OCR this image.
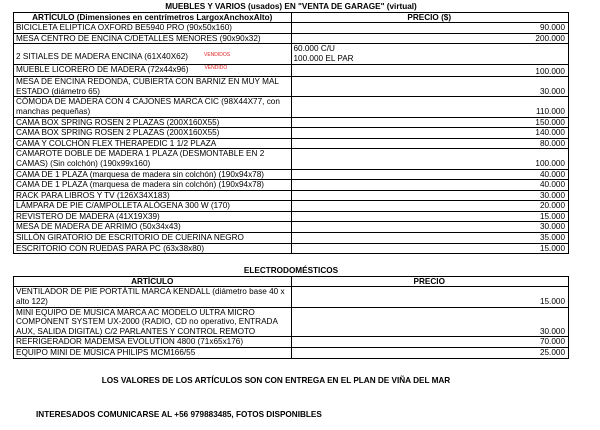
MUEBLES Y VARIOS (usados) EN "VENTA DE GARAGE" (virtual)	
ARTÍCULO (Dimensiones en centrímetros LargoxAnchoxAlto)	PRECIO ($)
BICICLETA ELIPTICA OXFORD BE5940 PRO (90x50x160)	90.000
MESA CENTRO DE ENCINA C/DETALLES MENORES (90x90x32)	200.000
2 SITIALES DE MADERA ENCINA (61X40X62) $^{VENDIDOS}$	60.000 C/U
100.000 EL PAR
MUEBLE LICORERO DE MADERA (72x44x96) $^{VENDIDO}$	100.000
MESA DE ENCINA REDONDA, CUBIERTA CON BARNIZ EN MUY MAL ESTADO (diámetro 65)	30.000
CÓMODA DE MADERA CON 4 CAJONES MARCA CIC (98X44X77, con manchas pequeñas)	110.000
CAMA BOX SPRING ROSEN 2 PLAZAS (200X160X55)	150.000
CAMA BOX SPRING ROSEN 2 PLAZAS (200X160X55)	140.000
CAMA Y COLCHÓN FLEX THERAPEDIC 1 1/2 PLAZA	80.000
CAMAROTE DOBLE DE MADERA 1 PLAZA (DESMONTABLE EN 2 CAMAS) (Sin colchón) (190x99x160)	100.000
CAMA DE 1 PLAZA (marquesa de madera sin colchón) (190x94x78)	40.000
CAMA DE 1 PLAZA (marquesa de madera sin colchón) (190x94x78)	40.000
RACK PARA LIBROS Y TV (126X34X183)	30.000
LÁMPARA DE PIE C/AMPOLLETA ALÓGENA 300 W (170)	20.000
REVISTERO DE MADERA (41X19X39)	15.000
MESA DE MADERA DE ARRIMO (50x34x43)	30.000
SILLÓN GIRATORIO DE ESCRITORIO DE CUERINA NEGRO	35.000
ESCRITORIO CON RUEDAS PARA PC (63x38x80)	15.000
ELECTRODOMÉSTICOS	
ARTÍCULO	PRECIO
VENTILADOR DE PIE PORTÁTIL MARCA KENDALL (diámetro base 40 x alto 122)	15.000
MINI EQUIPO DE MUSICA MARCA AC MODELO ULTRA MICRO COMPONENT SYSTEM UX-2000 (RADIO, CD no operativo, ENTRADA AUX, SALIDA DIGITAL) C/2 PARLANTES Y CONTROL REMOTO	30.000
REFRIGERADOR MADEMSA EVOLUTION 4800 (71x65x176)	70.000
EQUIPO MINI DE MÚSICA PHILIPS MCM166/55	25.000
LOS VALORES DE LOS ARTÍCULOS SON CON ENTREGA EN EL PLAN DE VIÑA DEL MAR
INTERESADOS COMUNICARSE AL +56 979883485, FOTOS DISPONIBLES
